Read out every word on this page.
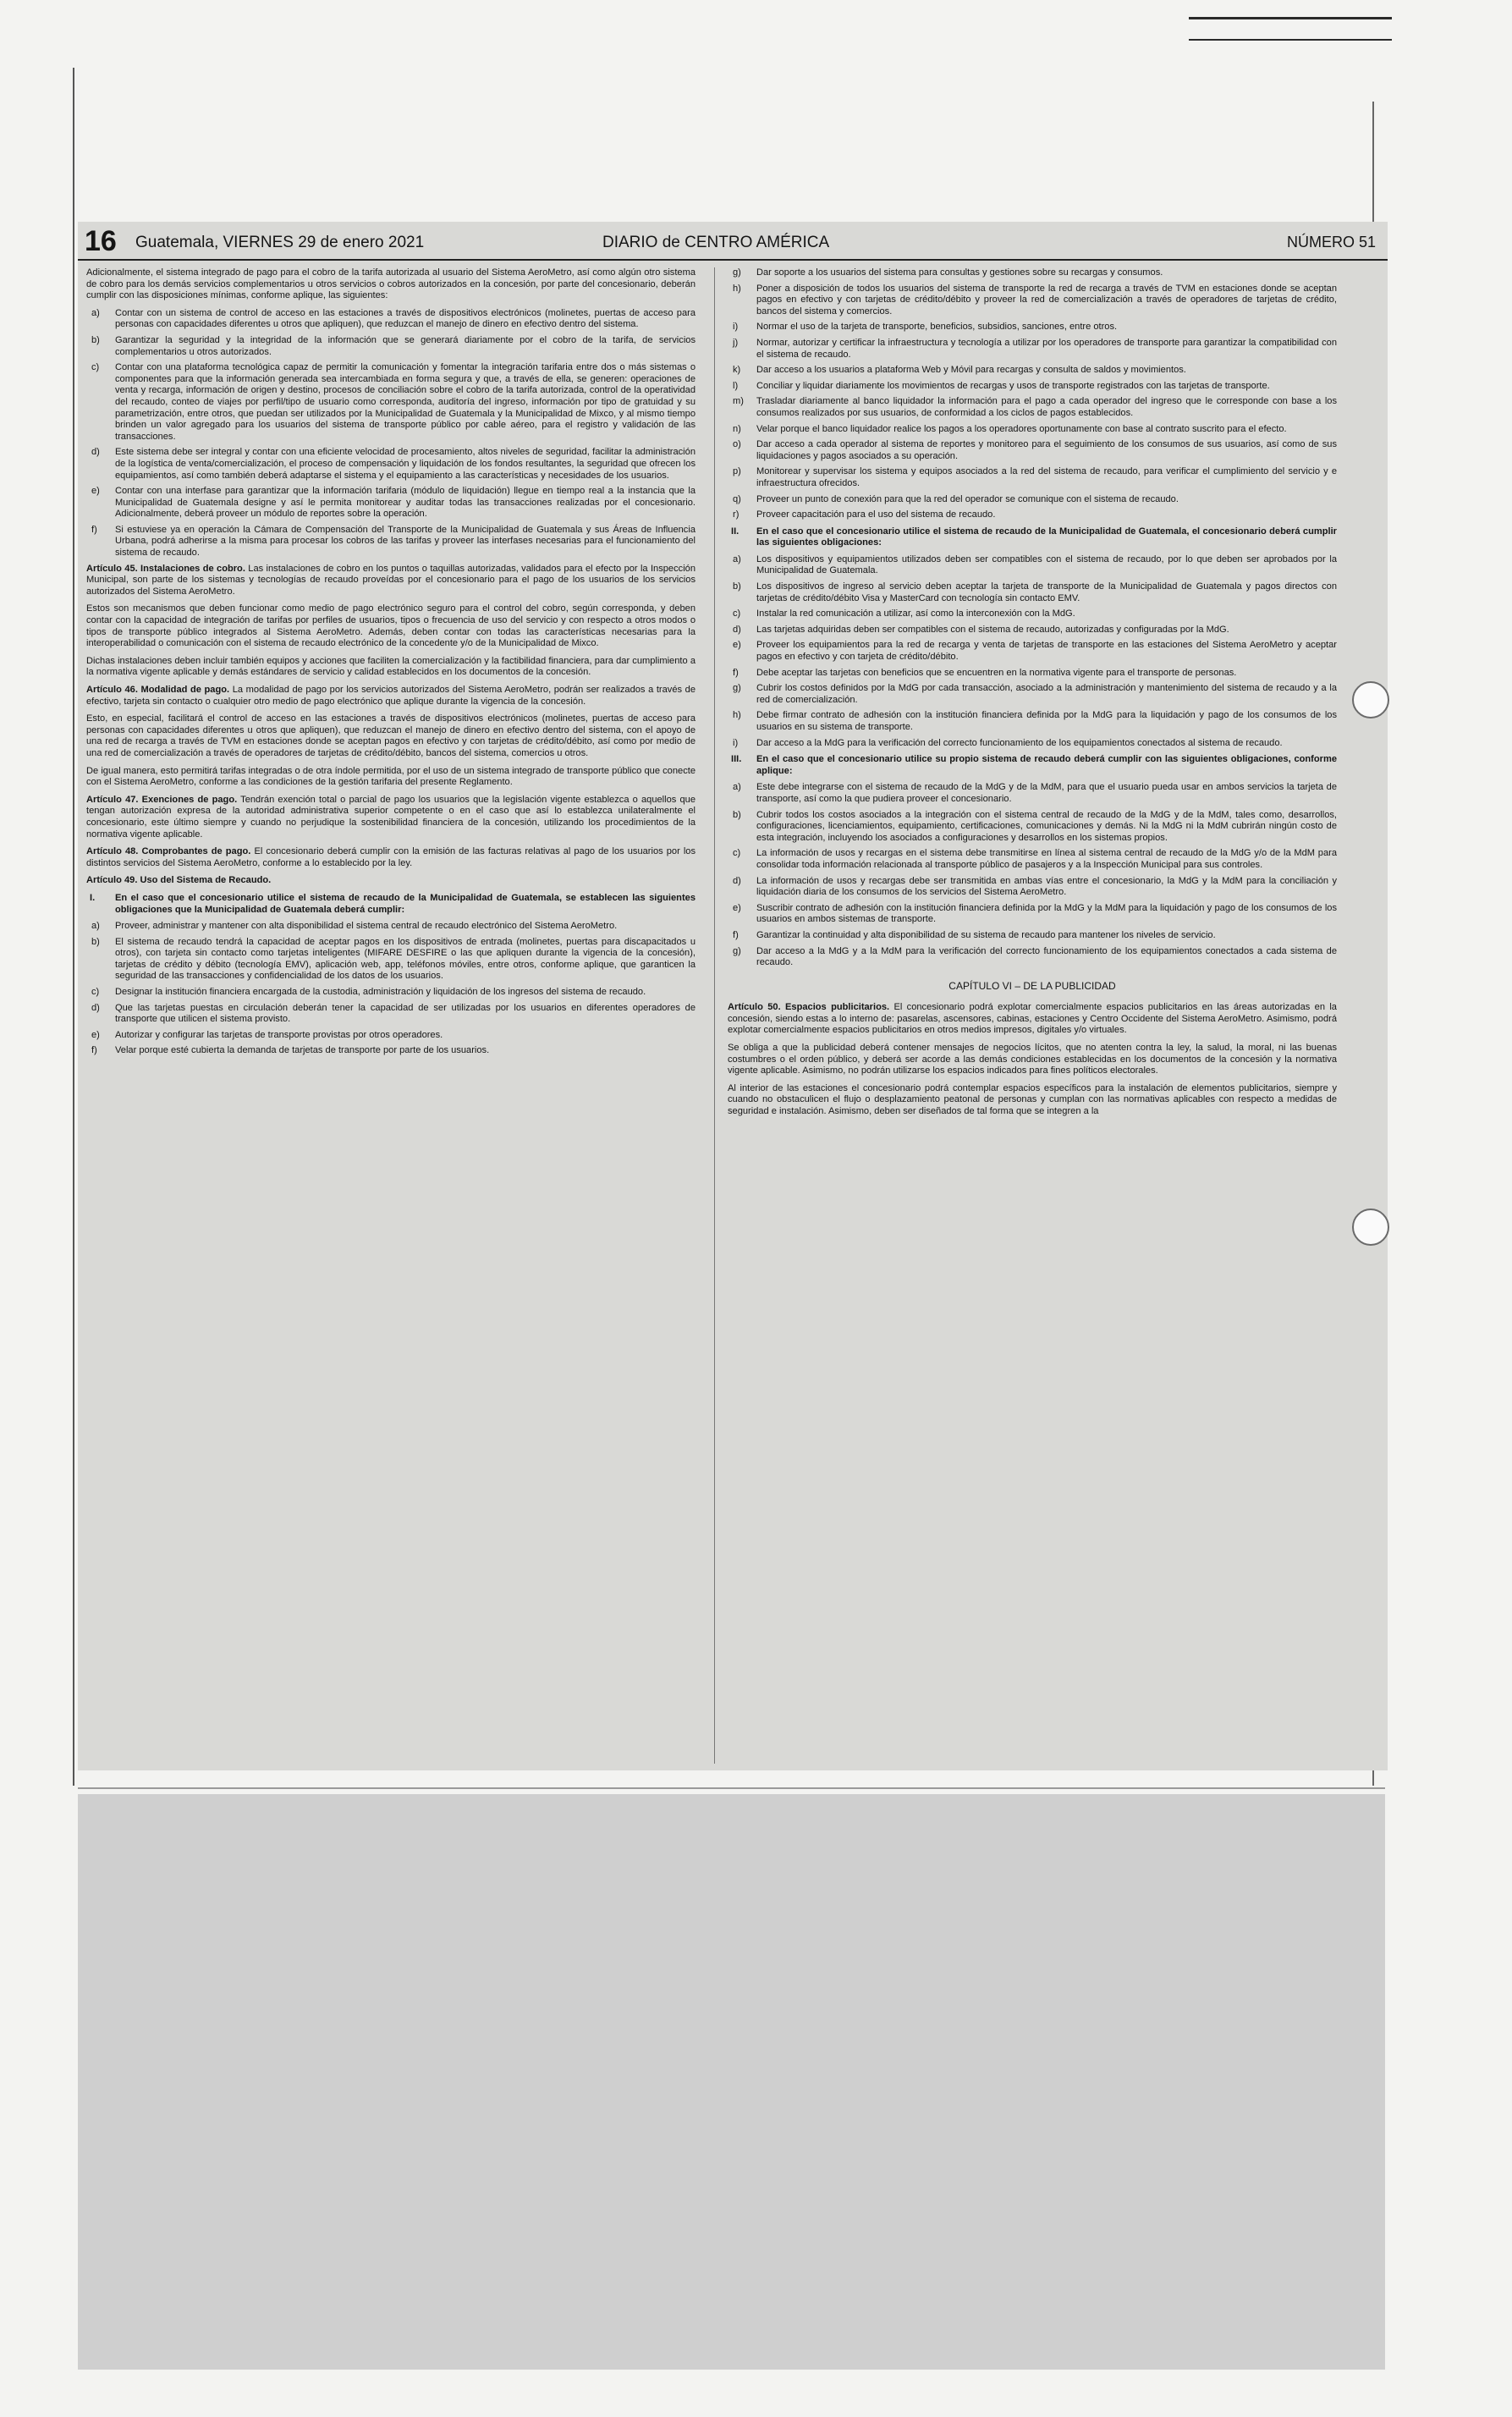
16 Guatemala, VIERNES 29 de enero 2021	DIARIO de CENTRO AMÉRICA	NÚMERO 51

Adicionalmente, el sistema integrado de pago para el cobro de la tarifa autorizada al usuario del Sistema AeroMetro, así como algún otro sistema de cobro para los demás servicios complementarios u otros servicios o cobros autorizados en la concesión, por parte del concesionario, deberán cumplir con las disposiciones mínimas, conforme aplique, las siguientes:

a)	Contar con un sistema de control de acceso en las estaciones a través de dispositivos electrónicos (molinetes, puertas de acceso para personas con capacidades diferentes u otros que apliquen), que reduzcan el manejo de dinero en efectivo dentro del sistema.
b)	Garantizar la seguridad y la integridad de la información que se generará diariamente por el cobro de la tarifa, de servicios complementarios u otros autorizados.
c)	Contar con una plataforma tecnológica capaz de permitir la comunicación y fomentar la integración tarifaria entre dos o más sistemas o componentes para que la información generada sea intercambiada en forma segura y que, a través de ella, se generen: operaciones de venta y recarga, información de origen y destino, procesos de conciliación sobre el cobro de la tarifa autorizada, control de la operatividad del recaudo, conteo de viajes por perfil/tipo de usuario como corresponda, auditoría del ingreso, información por tipo de gratuidad y su parametrización, entre otros, que puedan ser utilizados por la Municipalidad de Guatemala y la Municipalidad de Mixco, y al mismo tiempo brinden un valor agregado para los usuarios del sistema de transporte público por cable aéreo, para el registro y validación de las transacciones.
d)	Este sistema debe ser integral y contar con una eficiente velocidad de procesamiento, altos niveles de seguridad, facilitar la administración de la logística de venta/comercialización, el proceso de compensación y liquidación de los fondos resultantes, la seguridad que ofrecen los equipamientos, así como también deberá adaptarse el sistema y el equipamiento a las características y necesidades de los usuarios.
e)	Contar con una interfase para garantizar que la información tarifaria (módulo de liquidación) llegue en tiempo real a la instancia que la Municipalidad de Guatemala designe y así le permita monitorear y auditar todas las transacciones realizadas por el concesionario. Adicionalmente, deberá proveer un módulo de reportes sobre la operación.
f)	Si estuviese ya en operación la Cámara de Compensación del Transporte de la Municipalidad de Guatemala y sus Áreas de Influencia Urbana, podrá adherirse a la misma para procesar los cobros de las tarifas y proveer las interfases necesarias para el funcionamiento del sistema de recaudo.

Artículo 45. Instalaciones de cobro. Las instalaciones de cobro en los puntos o taquillas autorizadas, validados para el efecto por la Inspección Municipal, son parte de los sistemas y tecnologías de recaudo proveídas por el concesionario para el pago de los usuarios de los servicios autorizados del Sistema AeroMetro.

Estos son mecanismos que deben funcionar como medio de pago electrónico seguro para el control del cobro, según corresponda, y deben contar con la capacidad de integración de tarifas por perfiles de usuarios, tipos o frecuencia de uso del servicio y con respecto a otros modos o tipos de transporte público integrados al Sistema AeroMetro. Además, deben contar con todas las características necesarias para la interoperabilidad o comunicación con el sistema de recaudo electrónico de la concedente y/o de la Municipalidad de Mixco.

Dichas instalaciones deben incluir también equipos y acciones que faciliten la comercialización y la factibilidad financiera, para dar cumplimiento a la normativa vigente aplicable y demás estándares de servicio y calidad establecidos en los documentos de la concesión.

Artículo 46. Modalidad de pago. La modalidad de pago por los servicios autorizados del Sistema AeroMetro, podrán ser realizados a través de efectivo, tarjeta sin contacto o cualquier otro medio de pago electrónico que aplique durante la vigencia de la concesión.

Esto, en especial, facilitará el control de acceso en las estaciones a través de dispositivos electrónicos (molinetes, puertas de acceso para personas con capacidades diferentes u otros que apliquen), que reduzcan el manejo de dinero en efectivo dentro del sistema, con el apoyo de una red de recarga a través de TVM en estaciones donde se aceptan pagos en efectivo y con tarjetas de crédito/débito, así como por medio de una red de comercialización a través de operadores de tarjetas de crédito/débito, bancos del sistema, comercios u otros.

De igual manera, esto permitirá tarifas integradas o de otra índole permitida, por el uso de un sistema integrado de transporte público que conecte con el Sistema AeroMetro, conforme a las condiciones de la gestión tarifaria del presente Reglamento.

Artículo 47. Exenciones de pago. Tendrán exención total o parcial de pago los usuarios que la legislación vigente establezca o aquellos que tengan autorización expresa de la autoridad administrativa superior competente o en el caso que así lo establezca unilateralmente el concesionario, este último siempre y cuando no perjudique la sostenibilidad financiera de la concesión, utilizando los procedimientos de la normativa vigente aplicable.

Artículo 48. Comprobantes de pago. El concesionario deberá cumplir con la emisión de las facturas relativas al pago de los usuarios por los distintos servicios del Sistema AeroMetro, conforme a lo establecido por la ley.

Artículo 49. Uso del Sistema de Recaudo.

I.	En el caso que el concesionario utilice el sistema de recaudo de la Municipalidad de Guatemala, se establecen las siguientes obligaciones que la Municipalidad de Guatemala deberá cumplir:
a)	Proveer, administrar y mantener con alta disponibilidad el sistema central de recaudo electrónico del Sistema AeroMetro.
b)	El sistema de recaudo tendrá la capacidad de aceptar pagos en los dispositivos de entrada (molinetes, puertas para discapacitados u otros), con tarjeta sin contacto como tarjetas inteligentes (MIFARE DESFIRE o las que apliquen durante la vigencia de la concesión), tarjetas de crédito y débito (tecnología EMV), aplicación web, app, teléfonos móviles, entre otros, conforme aplique, que garanticen la seguridad de las transacciones y confidencialidad de los datos de los usuarios.
c)	Designar la institución financiera encargada de la custodia, administración y liquidación de los ingresos del sistema de recaudo.
d)	Que las tarjetas puestas en circulación deberán tener la capacidad de ser utilizadas por los usuarios en diferentes operadores de transporte que utilicen el sistema provisto.
e)	Autorizar y configurar las tarjetas de transporte provistas por otros operadores.
f)	Velar porque esté cubierta la demanda de tarjetas de transporte por parte de los usuarios.
g)	Dar soporte a los usuarios del sistema para consultas y gestiones sobre su recargas y consumos.
h)	Poner a disposición de todos los usuarios del sistema de transporte la red de recarga a través de TVM en estaciones donde se aceptan pagos en efectivo y con tarjetas de crédito/débito y proveer la red de comercialización a través de operadores de tarjetas de crédito, bancos del sistema y comercios.
i)	Normar el uso de la tarjeta de transporte, beneficios, subsidios, sanciones, entre otros.
j)	Normar, autorizar y certificar la infraestructura y tecnología a utilizar por los operadores de transporte para garantizar la compatibilidad con el sistema de recaudo.
k)	Dar acceso a los usuarios a plataforma Web y Móvil para recargas y consulta de saldos y movimientos.
l)	Conciliar y liquidar diariamente los movimientos de recargas y usos de transporte registrados con las tarjetas de transporte.
m)	Trasladar diariamente al banco liquidador la información para el pago a cada operador del ingreso que le corresponde con base a los consumos realizados por sus usuarios, de conformidad a los ciclos de pagos establecidos.
n)	Velar porque el banco liquidador realice los pagos a los operadores oportunamente con base al contrato suscrito para el efecto.
o)	Dar acceso a cada operador al sistema de reportes y monitoreo para el seguimiento de los consumos de sus usuarios, así como de sus liquidaciones y pagos asociados a su operación.
p)	Monitorear y supervisar los sistema y equipos asociados a la red del sistema de recaudo, para verificar el cumplimiento del servicio y e infraestructura ofrecidos.
q)	Proveer un punto de conexión para que la red del operador se comunique con el sistema de recaudo.
r)	Proveer capacitación para el uso del sistema de recaudo.
II.	En el caso que el concesionario utilice el sistema de recaudo de la Municipalidad de Guatemala, el concesionario deberá cumplir las siguientes obligaciones:
a)	Los dispositivos y equipamientos utilizados deben ser compatibles con el sistema de recaudo, por lo que deben ser aprobados por la Municipalidad de Guatemala.
b)	Los dispositivos de ingreso al servicio deben aceptar la tarjeta de transporte de la Municipalidad de Guatemala y pagos directos con tarjetas de crédito/débito Visa y MasterCard con tecnología sin contacto EMV.
c)	Instalar la red comunicación a utilizar, así como la interconexión con la MdG.
d)	Las tarjetas adquiridas deben ser compatibles con el sistema de recaudo, autorizadas y configuradas por la MdG.
e)	Proveer los equipamientos para la red de recarga y venta de tarjetas de transporte en las estaciones del Sistema AeroMetro y aceptar pagos en efectivo y con tarjeta de crédito/débito.
f)	Debe aceptar las tarjetas con beneficios que se encuentren en la normativa vigente para el transporte de personas.
g)	Cubrir los costos definidos por la MdG por cada transacción, asociado a la administración y mantenimiento del sistema de recaudo y a la red de comercialización.
h)	Debe firmar contrato de adhesión con la institución financiera definida por la MdG para la liquidación y pago de los consumos de los usuarios en su sistema de transporte.
i)	Dar acceso a la MdG para la verificación del correcto funcionamiento de los equipamientos conectados al sistema de recaudo.
III.	En el caso que el concesionario utilice su propio sistema de recaudo deberá cumplir con las siguientes obligaciones, conforme aplique:
a)	Este debe integrarse con el sistema de recaudo de la MdG y de la MdM, para que el usuario pueda usar en ambos servicios la tarjeta de transporte, así como la que pudiera proveer el concesionario.
b)	Cubrir todos los costos asociados a la integración con el sistema central de recaudo de la MdG y de la MdM, tales como, desarrollos, configuraciones, licenciamientos, equipamiento, certificaciones, comunicaciones y demás. Ni la MdG ni la MdM cubrirán ningún costo de esta integración, incluyendo los asociados a configuraciones y desarrollos en los sistemas propios.
c)	La información de usos y recargas en el sistema debe transmitirse en línea al sistema central de recaudo de la MdG y/o de la MdM para consolidar toda información relacionada al transporte público de pasajeros y a la Inspección Municipal para sus controles.
d)	La información de usos y recargas debe ser transmitida en ambas vías entre el concesionario, la MdG y la MdM para la conciliación y liquidación diaria de los consumos de los servicios del Sistema AeroMetro.
e)	Suscribir contrato de adhesión con la institución financiera definida por la MdG y la MdM para la liquidación y pago de los consumos de los usuarios en ambos sistemas de transporte.
f)	Garantizar la continuidad y alta disponibilidad de su sistema de recaudo para mantener los niveles de servicio.
g)	Dar acceso a la MdG y a la MdM para la verificación del correcto funcionamiento de los equipamientos conectados a cada sistema de recaudo.

CAPÍTULO VI – DE LA PUBLICIDAD

Artículo 50. Espacios publicitarios. El concesionario podrá explotar comercialmente espacios publicitarios en las áreas autorizadas en la concesión, siendo estas a lo interno de: pasarelas, ascensores, cabinas, estaciones y Centro Occidente del Sistema AeroMetro. Asimismo, podrá explotar comercialmente espacios publicitarios en otros medios impresos, digitales y/o virtuales.

Se obliga a que la publicidad deberá contener mensajes de negocios lícitos, que no atenten contra la ley, la salud, la moral, ni las buenas costumbres o el orden público, y deberá ser acorde a las demás condiciones establecidas en los documentos de la concesión y la normativa vigente aplicable. Asimismo, no podrán utilizarse los espacios indicados para fines políticos electorales.

Al interior de las estaciones el concesionario podrá contemplar espacios específicos para la instalación de elementos publicitarios, siempre y cuando no obstaculicen el flujo o desplazamiento peatonal de personas y cumplan con las normativas aplicables con respecto a medidas de seguridad e instalación. Asimismo, deben ser diseñados de tal forma que se integren a la
